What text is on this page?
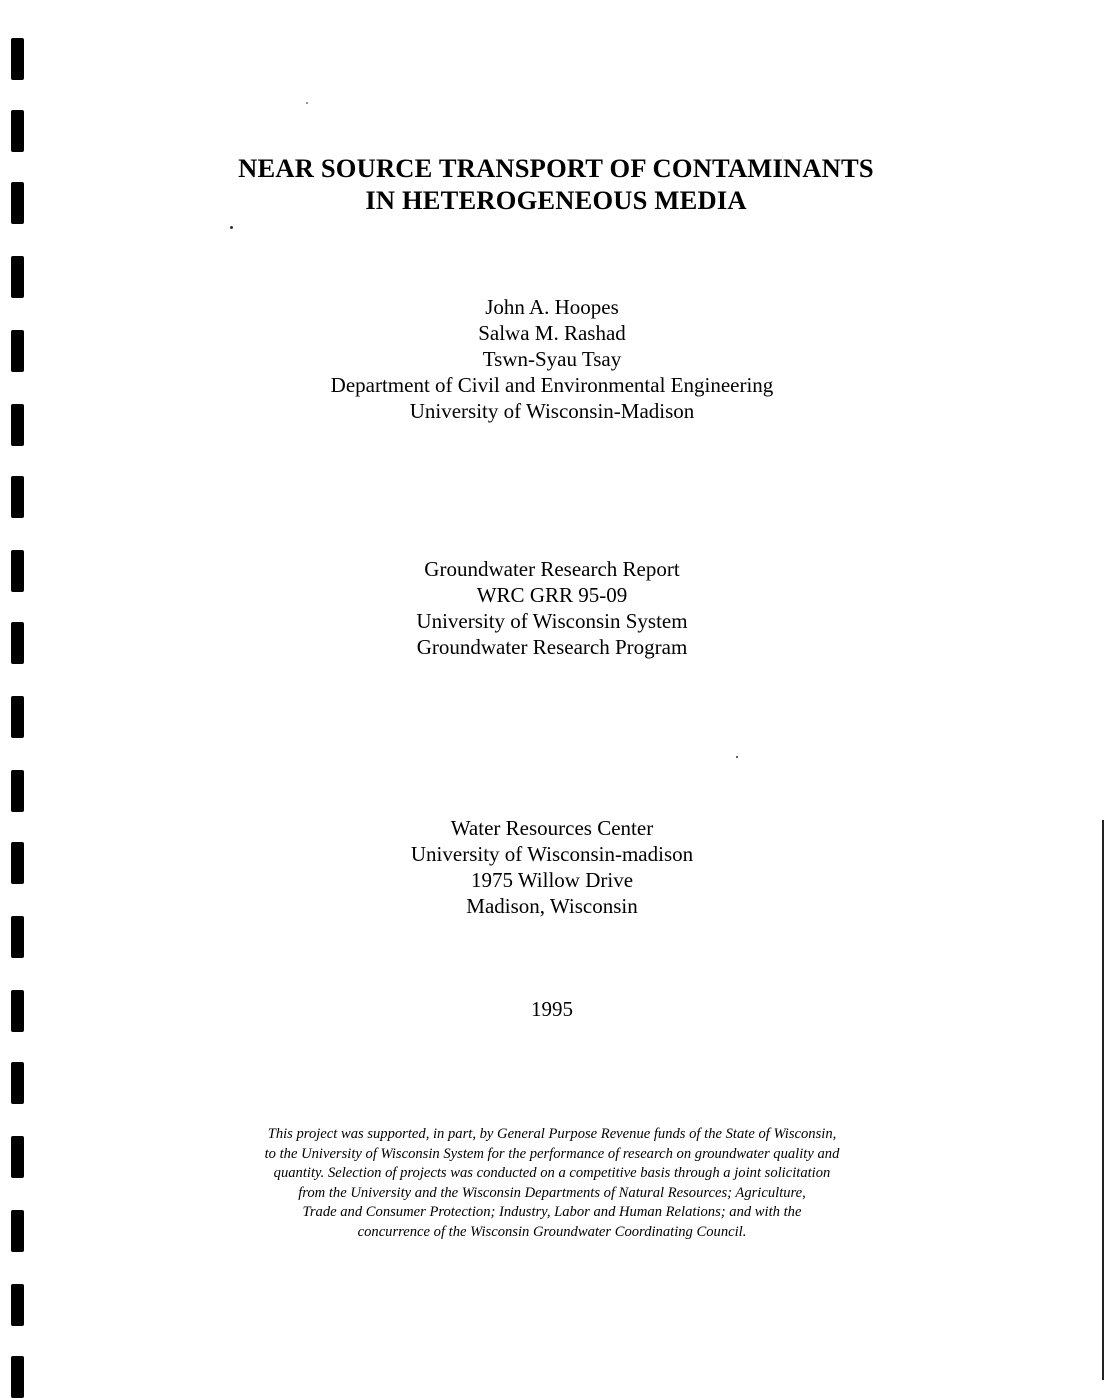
NEAR SOURCE TRANSPORT OF CONTAMINANTS
IN HETEROGENEOUS MEDIA
John A. Hoopes
Salwa M. Rashad
Tswn-Syau Tsay
Department of Civil and Environmental Engineering
University of Wisconsin-Madison
Groundwater Research Report
WRC GRR 95-09
University of Wisconsin System
Groundwater Research Program
Water Resources Center
University of Wisconsin-madison
1975 Willow Drive
Madison, Wisconsin
1995
This project was supported, in part, by General Purpose Revenue funds of the State of Wisconsin,
to the University of Wisconsin System for the performance of research on groundwater quality and
quantity. Selection of projects was conducted on a competitive basis through a joint solicitation
from the University and the Wisconsin Departments of Natural Resources; Agriculture,
Trade and Consumer Protection; Industry, Labor and Human Relations; and with the
concurrence of the Wisconsin Groundwater Coordinating Council.
